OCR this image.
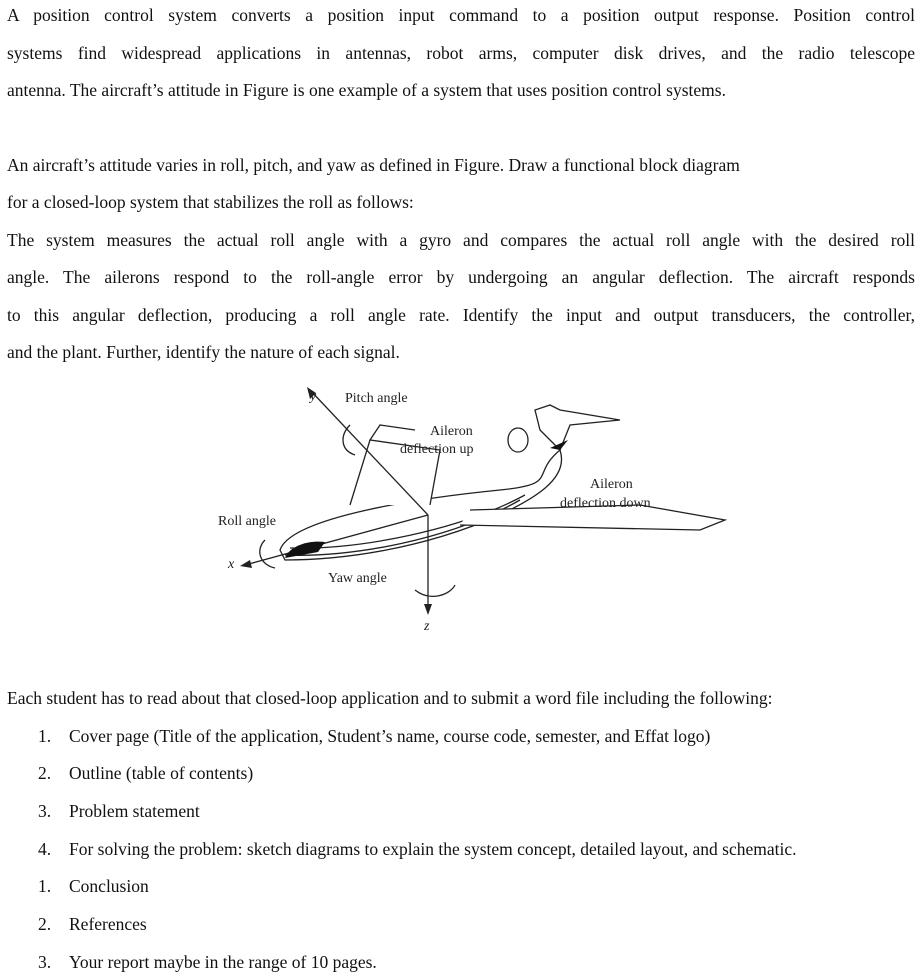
A position control system converts a position input command to a position output response. Position control
systems find widespread applications in antennas, robot arms, computer disk drives, and the radio telescope
antenna. The aircraft’s attitude in Figure is one example of a system that uses position control systems.
An aircraft’s attitude varies in roll, pitch, and yaw as defined in Figure. Draw a functional block diagram
for a closed-loop system that stabilizes the roll as follows:
The system measures the actual roll angle with a gyro and compares the actual roll angle with the desired roll
angle. The ailerons respond to the roll-angle error by undergoing an angular deflection. The aircraft responds
to this angular deflection, producing a roll angle rate. Identify the input and output transducers, the controller,
and the plant. Further, identify the nature of each signal.
y Pitch angle
Aileron
deflection up
Aileron
deflection down
Roll angle
x
Yaw angle
z
Each student has to read about that closed-loop application and to submit a word file including the following:
1. Cover page (Title of the application, Student’s name, course code, semester, and Effat logo)
2. Outline (table of contents)
3. Problem statement
4. For solving the problem: sketch diagrams to explain the system concept, detailed layout, and schematic.
1. Conclusion
2. References
3. Your report maybe in the range of 10 pages.
